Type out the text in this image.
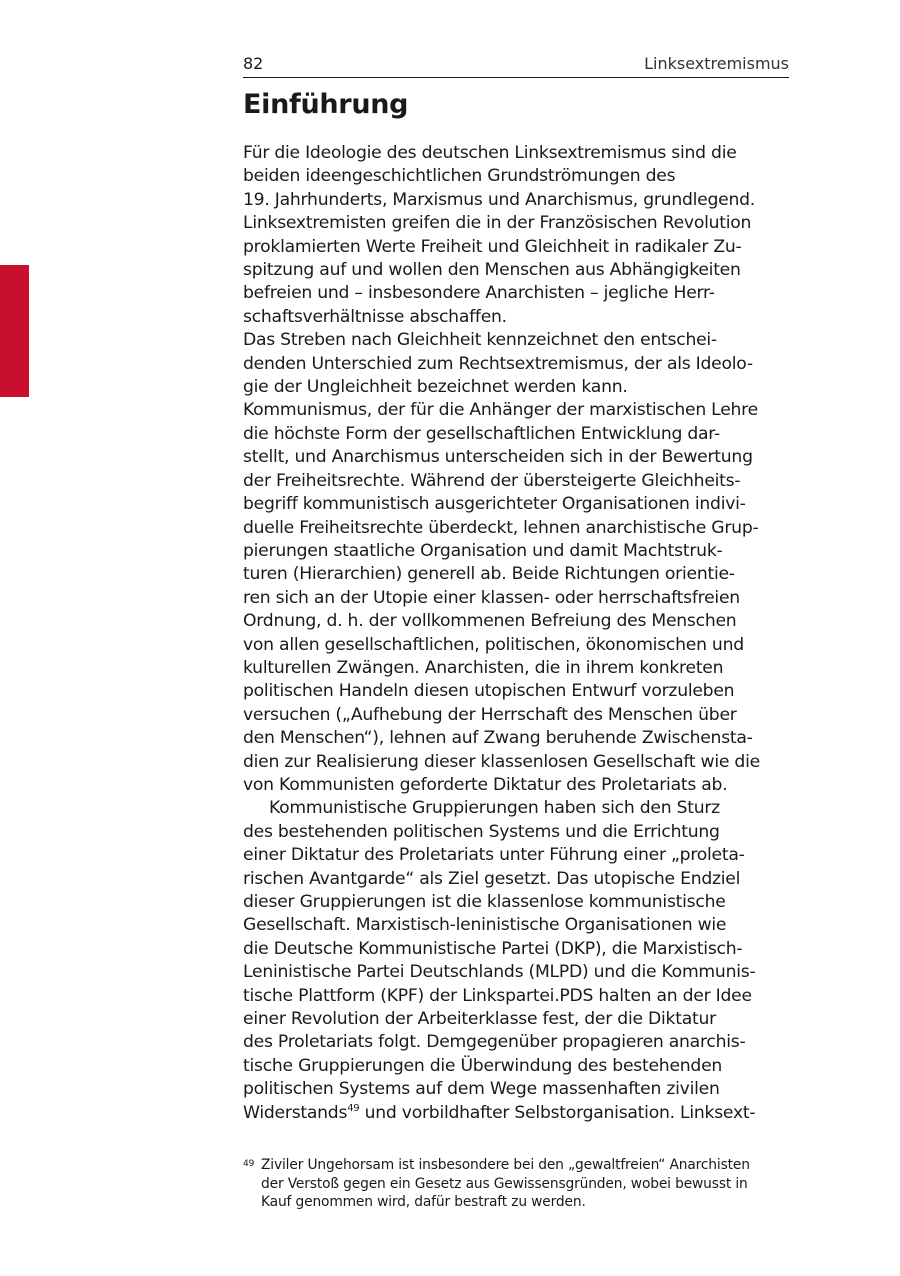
82	Linksextremismus
Einführung
Für die Ideologie des deutschen Linksextremismus sind die
beiden ideengeschichtlichen Grundströmungen des
19. Jahrhunderts, Marxismus und Anarchismus, grundlegend.
Linksextremisten greifen die in der Französischen Revolution
proklamierten Werte Freiheit und Gleichheit in radikaler Zu-
spitzung auf und wollen den Menschen aus Abhängigkeiten
befreien und – insbesondere Anarchisten – jegliche Herr-
schaftsverhältnisse abschaffen.
Das Streben nach Gleichheit kennzeichnet den entschei-
denden Unterschied zum Rechtsextremismus, der als Ideolo-
gie der Ungleichheit bezeichnet werden kann.
Kommunismus, der für die Anhänger der marxistischen Lehre
die höchste Form der gesellschaftlichen Entwicklung dar-
stellt, und Anarchismus unterscheiden sich in der Bewertung
der Freiheitsrechte. Während der übersteigerte Gleichheits-
begriff kommunistisch ausgerichteter Organisationen indivi-
duelle Freiheitsrechte überdeckt, lehnen anarchistische Grup-
pierungen staatliche Organisation und damit Machtstruk-
turen (Hierarchien) generell ab. Beide Richtungen orientie-
ren sich an der Utopie einer klassen- oder herrschaftsfreien
Ordnung, d. h. der vollkommenen Befreiung des Menschen
von allen gesellschaftlichen, politischen, ökonomischen und
kulturellen Zwängen. Anarchisten, die in ihrem konkreten
politischen Handeln diesen utopischen Entwurf vorzuleben
versuchen („Aufhebung der Herrschaft des Menschen über
den Menschen“), lehnen auf Zwang beruhende Zwischensta-
dien zur Realisierung dieser klassenlosen Gesellschaft wie die
von Kommunisten geforderte Diktatur des Proletariats ab.
Kommunistische Gruppierungen haben sich den Sturz
des bestehenden politischen Systems und die Errichtung
einer Diktatur des Proletariats unter Führung einer „proleta-
rischen Avantgarde“ als Ziel gesetzt. Das utopische Endziel
dieser Gruppierungen ist die klassenlose kommunistische
Gesellschaft. Marxistisch-leninistische Organisationen wie
die Deutsche Kommunistische Partei (DKP), die Marxistisch-
Leninistische Partei Deutschlands (MLPD) und die Kommunis-
tische Plattform (KPF) der Linkspartei.PDS halten an der Idee
einer Revolution der Arbeiterklasse fest, der die Diktatur
des Proletariats folgt. Demgegenüber propagieren anarchis-
tische Gruppierungen die Überwindung des bestehenden
politischen Systems auf dem Wege massenhaften zivilen
Widerstands$^{49}$ und vorbildhafter Selbstorganisation. Linksext-
49 Ziviler Ungehorsam ist insbesondere bei den „gewaltfreien“ Anarchisten
der Verstoß gegen ein Gesetz aus Gewissensgründen, wobei bewusst in
Kauf genommen wird, dafür bestraft zu werden.
